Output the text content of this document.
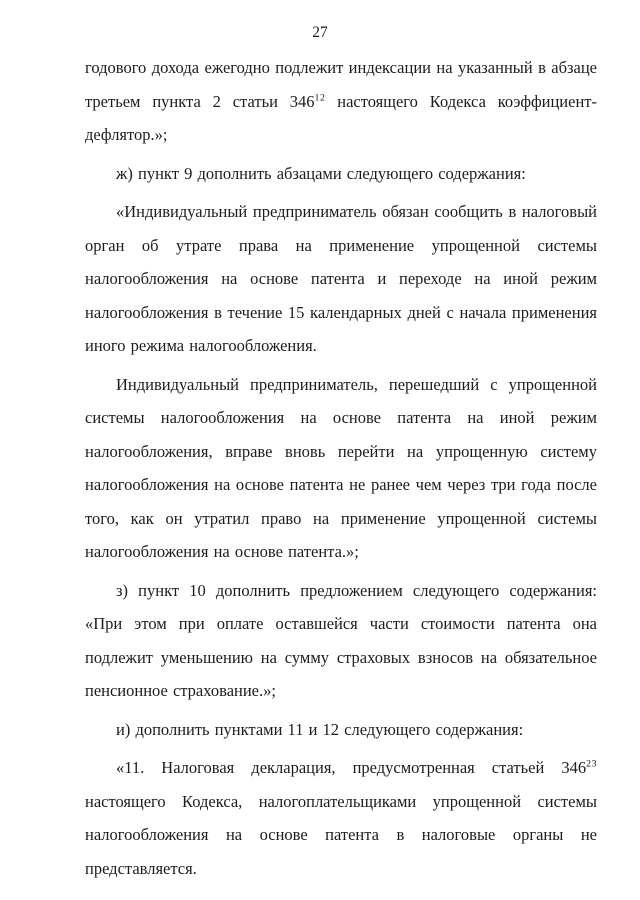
27

годового дохода ежегодно подлежит индексации на указанный в абзаце третьем пункта 2 статьи $346^{12}$ настоящего Кодекса коэффициент-дефлятор.»;

ж) пункт 9 дополнить абзацами следующего содержания:

«Индивидуальный предприниматель обязан сообщить в налоговый орган об утрате права на применение упрощенной системы налогообложения на основе патента и переходе на иной режим налогообложения в течение 15 календарных дней с начала применения иного режима налогообложения.

Индивидуальный предприниматель, перешедший с упрощенной системы налогообложения на основе патента на иной режим налогообложения, вправе вновь перейти на упрощенную систему налогообложения на основе патента не ранее чем через три года после того, как он утратил право на применение упрощенной системы налогообложения на основе патента.»;

з) пункт 10 дополнить предложением следующего содержания: «При этом при оплате оставшейся части стоимости патента она подлежит уменьшению на сумму страховых взносов на обязательное пенсионное страхование.»;

и) дополнить пунктами 11 и 12 следующего содержания:

«11. Налоговая декларация, предусмотренная статьей $346^{23}$ настоящего Кодекса, налогоплательщиками упрощенной системы налогообложения на основе патента в налоговые органы не представляется.
